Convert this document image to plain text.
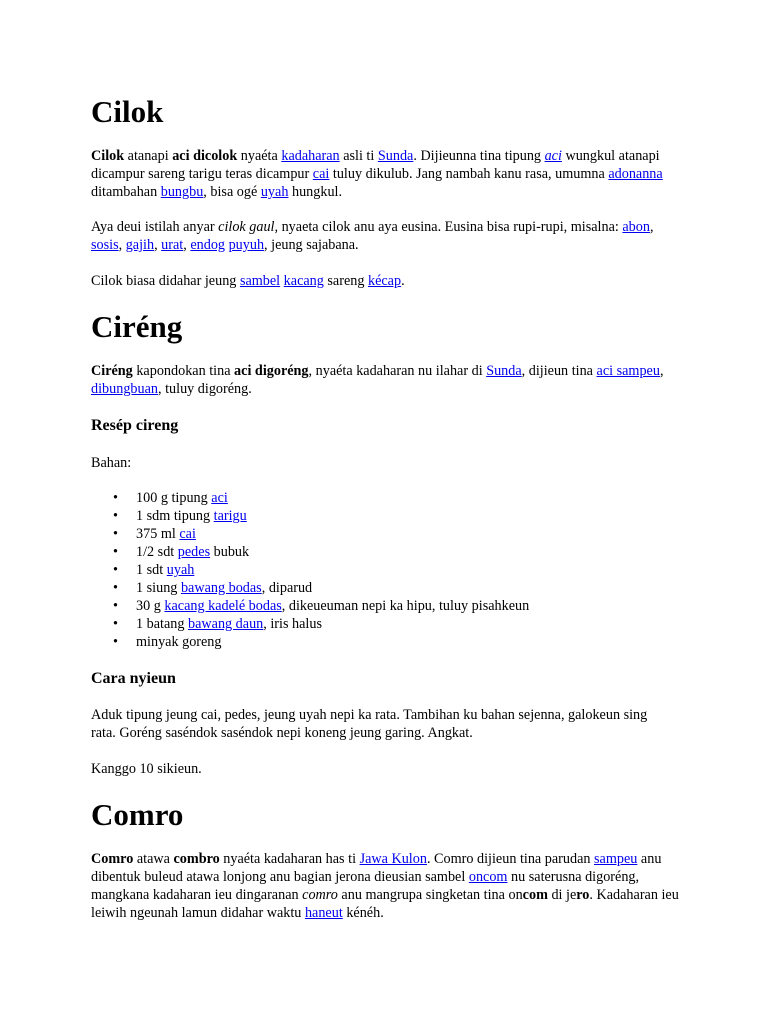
Cilok

Cilok atanapi aci dicolok nyaéta kadaharan asli ti Sunda. Dijieunna tina tipung aci wungkul atanapi dicampur sareng tarigu teras dicampur cai tuluy dikulub. Jang nambah kanu rasa, umumna adonanna ditambahan bungbu, bisa ogé uyah hungkul.

Aya deui istilah anyar cilok gaul, nyaeta cilok anu aya eusina. Eusina bisa rupi-rupi, misalna: abon, sosis, gajih, urat, endog puyuh, jeung sajabana.

Cilok biasa didahar jeung sambel kacang sareng kécap.

Ciréng

Ciréng kapondokan tina aci digoréng, nyaéta kadaharan nu ilahar di Sunda, dijieun tina aci sampeu, dibungbuan, tuluy digoréng.

Resép cireng

Bahan:

• 100 g tipung aci
• 1 sdm tipung tarigu
• 375 ml cai
• 1/2 sdt pedes bubuk
• 1 sdt uyah
• 1 siung bawang bodas, diparud
• 30 g kacang kadelé bodas, dikeueuman nepi ka hipu, tuluy pisahkeun
• 1 batang bawang daun, iris halus
• minyak goreng
Cara nyieun

Aduk tipung jeung cai, pedes, jeung uyah nepi ka rata. Tambihan ku bahan sejenna, galokeun sing rata. Goréng saséndok saséndok nepi koneng jeung garing. Angkat.

Kanggo 10 sikieun.

Comro

Comro atawa combro nyaéta kadaharan has ti Jawa Kulon. Comro dijieun tina parudan sampeu anu dibentuk buleud atawa lonjong anu bagian jerona dieusian sambel oncom nu saterusna digoréng, mangkana kadaharan ieu dingaranan comro anu mangrupa singketan tina oncom di jero. Kadaharan ieu leiwih ngeunah lamun didahar waktu haneut kénéh.
